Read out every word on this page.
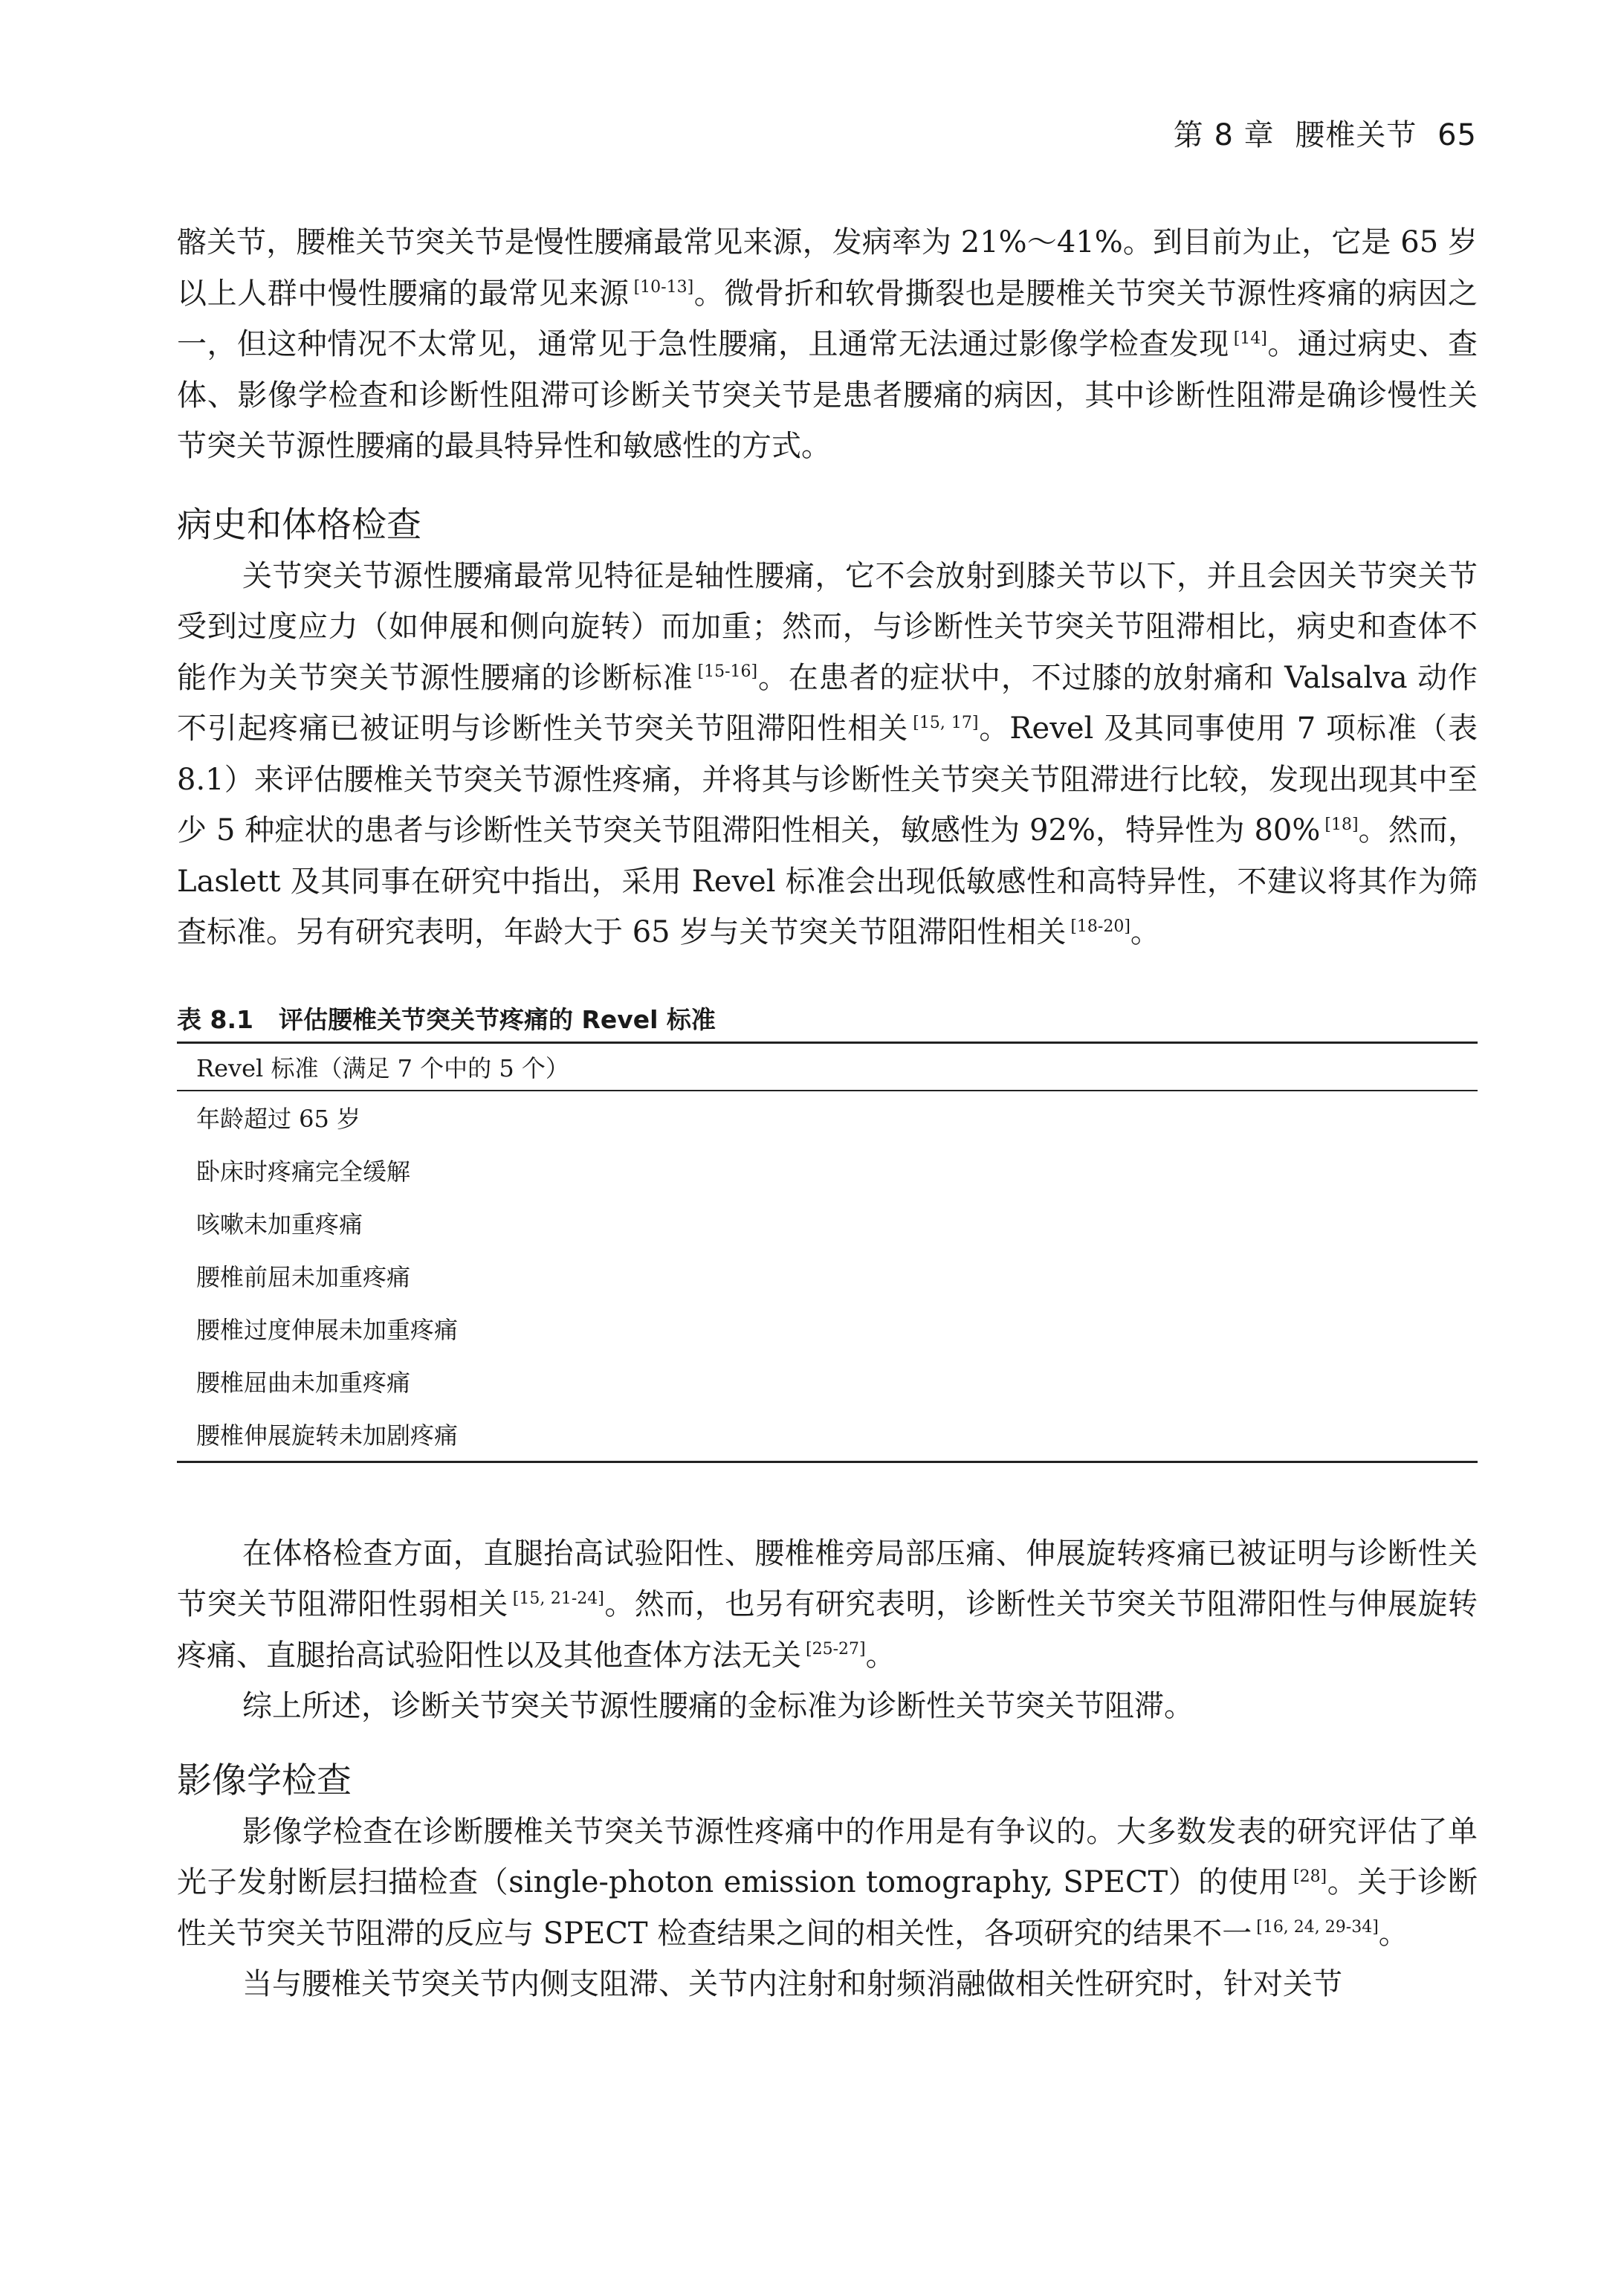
第 8 章 腰椎关节 65

髂关节，腰椎关节突关节是慢性腰痛最常见来源，发病率为 21%～41%。到目前为止，它是 65 岁以上人群中慢性腰痛的最常见来源 [10-13]。微骨折和软骨撕裂也是腰椎关节突关节源性疼痛的病因之一，但这种情况不太常见，通常见于急性腰痛，且通常无法通过影像学检查发现 [14]。通过病史、查体、影像学检查和诊断性阻滞可诊断关节突关节是患者腰痛的病因，其中诊断性阻滞是确诊慢性关节突关节源性腰痛的最具特异性和敏感性的方式。

病史和体格检查

关节突关节源性腰痛最常见特征是轴性腰痛，它不会放射到膝关节以下，并且会因关节突关节受到过度应力（如伸展和侧向旋转）而加重；然而，与诊断性关节突关节阻滞相比，病史和查体不能作为关节突关节源性腰痛的诊断标准 [15-16]。在患者的症状中，不过膝的放射痛和 Valsalva 动作不引起疼痛已被证明与诊断性关节突关节阻滞阳性相关 [15, 17]。Revel 及其同事使用 7 项标准（表 8.1）来评估腰椎关节突关节源性疼痛，并将其与诊断性关节突关节阻滞进行比较，发现出现其中至少 5 种症状的患者与诊断性关节突关节阻滞阳性相关，敏感性为 92%，特异性为 80% [18]。然而，Laslett 及其同事在研究中指出，采用 Revel 标准会出现低敏感性和高特异性，不建议将其作为筛查标准。另有研究表明，年龄大于 65 岁与关节突关节阻滞阳性相关 [18-20]。

表 8.1 评估腰椎关节突关节疼痛的 Revel 标准
Revel 标准（满足 7 个中的 5 个）
年龄超过 65 岁
卧床时疼痛完全缓解
咳嗽未加重疼痛
腰椎前屈未加重疼痛
腰椎过度伸展未加重疼痛
腰椎屈曲未加重疼痛
腰椎伸展旋转未加剧疼痛

在体格检查方面，直腿抬高试验阳性、腰椎椎旁局部压痛、伸展旋转疼痛已被证明与诊断性关节突关节阻滞阳性弱相关 [15, 21-24]。然而，也另有研究表明，诊断性关节突关节阻滞阳性与伸展旋转疼痛、直腿抬高试验阳性以及其他查体方法无关 [25-27]。

综上所述，诊断关节突关节源性腰痛的金标准为诊断性关节突关节阻滞。

影像学检查

影像学检查在诊断腰椎关节突关节源性疼痛中的作用是有争议的。大多数发表的研究评估了单光子发射断层扫描检查（single-photon emission tomography, SPECT）的使用 [28]。关于诊断性关节突关节阻滞的反应与 SPECT 检查结果之间的相关性，各项研究的结果不一 [16, 24, 29-34]。

当与腰椎关节突关节内侧支阻滞、关节内注射和射频消融做相关性研究时，针对关节
